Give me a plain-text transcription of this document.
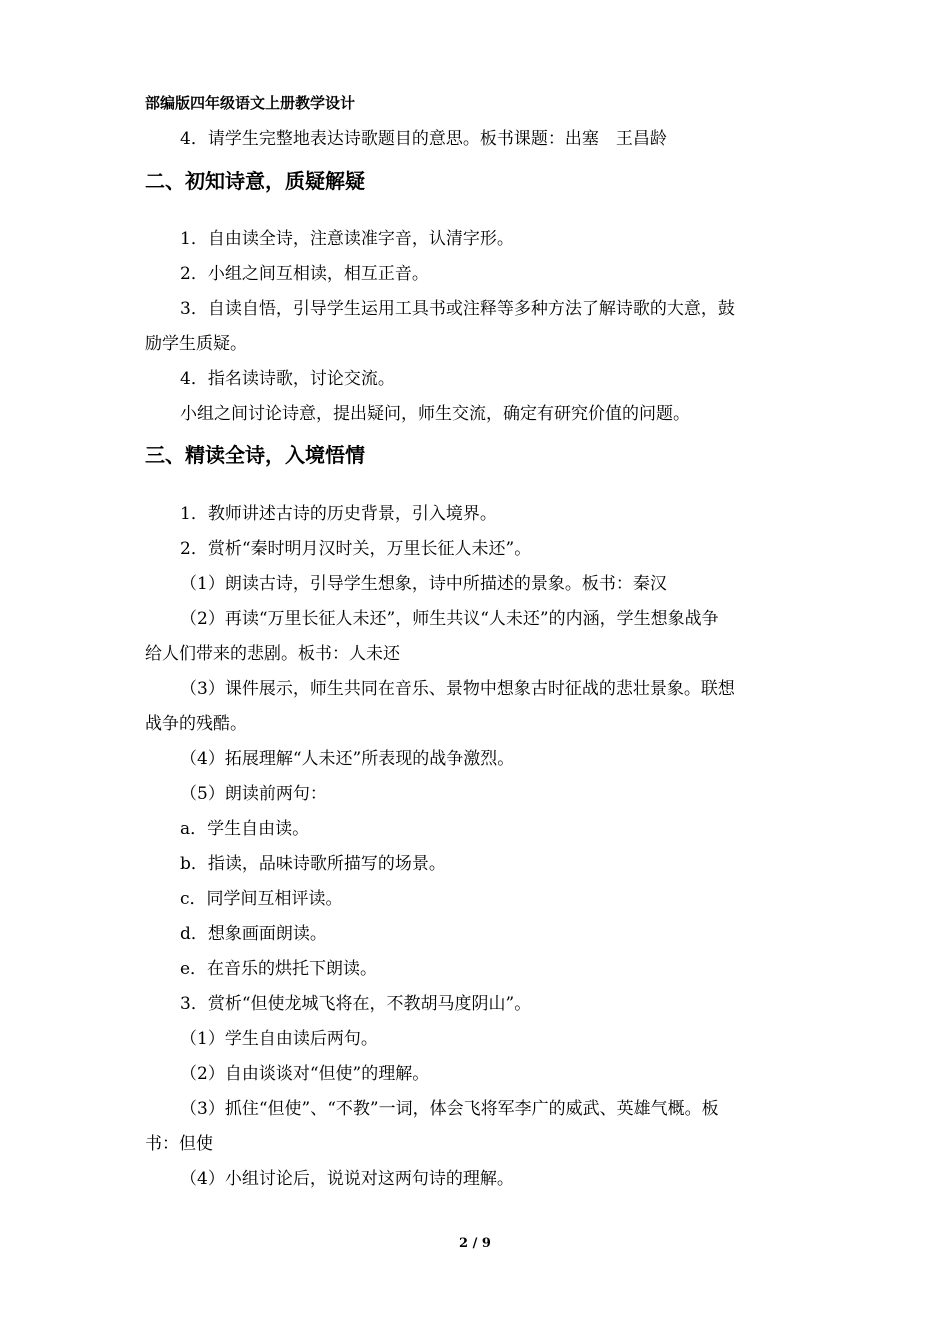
部编版四年级语文上册教学设计
4．请学生完整地表达诗歌题目的意思。板书课题：出塞　王昌龄
二、初知诗意，质疑解疑
1．自由读全诗，注意读准字音，认清字形。
2．小组之间互相读，相互正音。
3．自读自悟，引导学生运用工具书或注释等多种方法了解诗歌的大意，鼓
励学生质疑。
4．指名读诗歌，讨论交流。
小组之间讨论诗意，提出疑问，师生交流，确定有研究价值的问题。
三、精读全诗，入境悟情
1．教师讲述古诗的历史背景，引入境界。
2．赏析“秦时明月汉时关，万里长征人未还”。
（1）朗读古诗，引导学生想象，诗中所描述的景象。板书：秦汉
（2）再读“万里长征人未还”，师生共议“人未还”的内涵，学生想象战争
给人们带来的悲剧。板书：人未还
（3）课件展示，师生共同在音乐、景物中想象古时征战的悲壮景象。联想
战争的残酷。
（4）拓展理解“人未还”所表现的战争激烈。
（5）朗读前两句：
a．学生自由读。
b．指读，品味诗歌所描写的场景。
c．同学间互相评读。
d．想象画面朗读。
e．在音乐的烘托下朗读。
3．赏析“但使龙城飞将在，不教胡马度阴山”。
（1）学生自由读后两句。
（2）自由谈谈对“但使”的理解。
（3）抓住“但使”、“不教”一词，体会飞将军李广的威武、英雄气概。板
书：但使
（4）小组讨论后，说说对这两句诗的理解。
2 / 9
